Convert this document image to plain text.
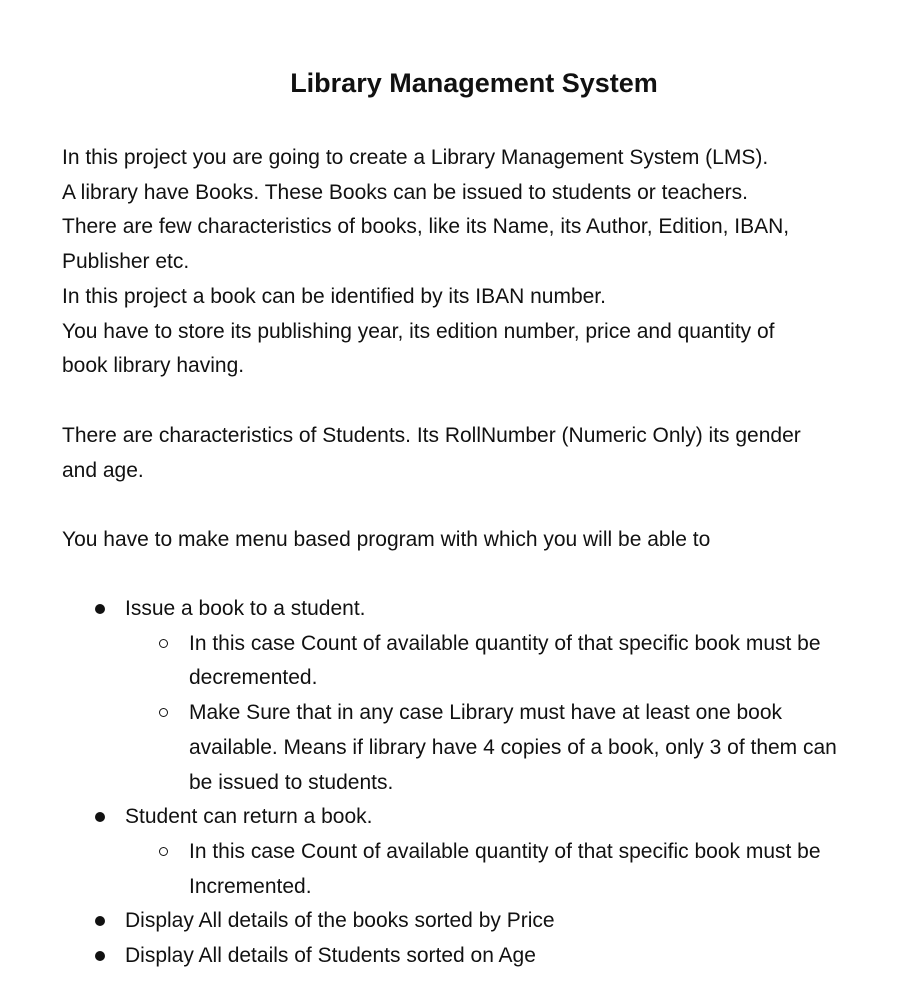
Library Management System
In this project you are going to create a Library Management System (LMS).
A library have Books. These Books can be issued to students or teachers.
There are few characteristics of books, like its Name, its Author, Edition, IBAN,
Publisher etc.
In this project a book can be identified by its IBAN number.
You have to store its publishing year, its edition number, price and quantity of
book library having.
There are characteristics of Students. Its RollNumber (Numeric Only) its gender
and age.
You have to make menu based program with which you will be able to
Issue a book to a student.
In this case Count of available quantity of that specific book must be
decremented.
Make Sure that in any case Library must have at least one book
available. Means if library have 4 copies of a book, only 3 of them can
be issued to students.
Student can return a book.
In this case Count of available quantity of that specific book must be
Incremented.
Display All details of the books sorted by Price
Display All details of Students sorted on Age
